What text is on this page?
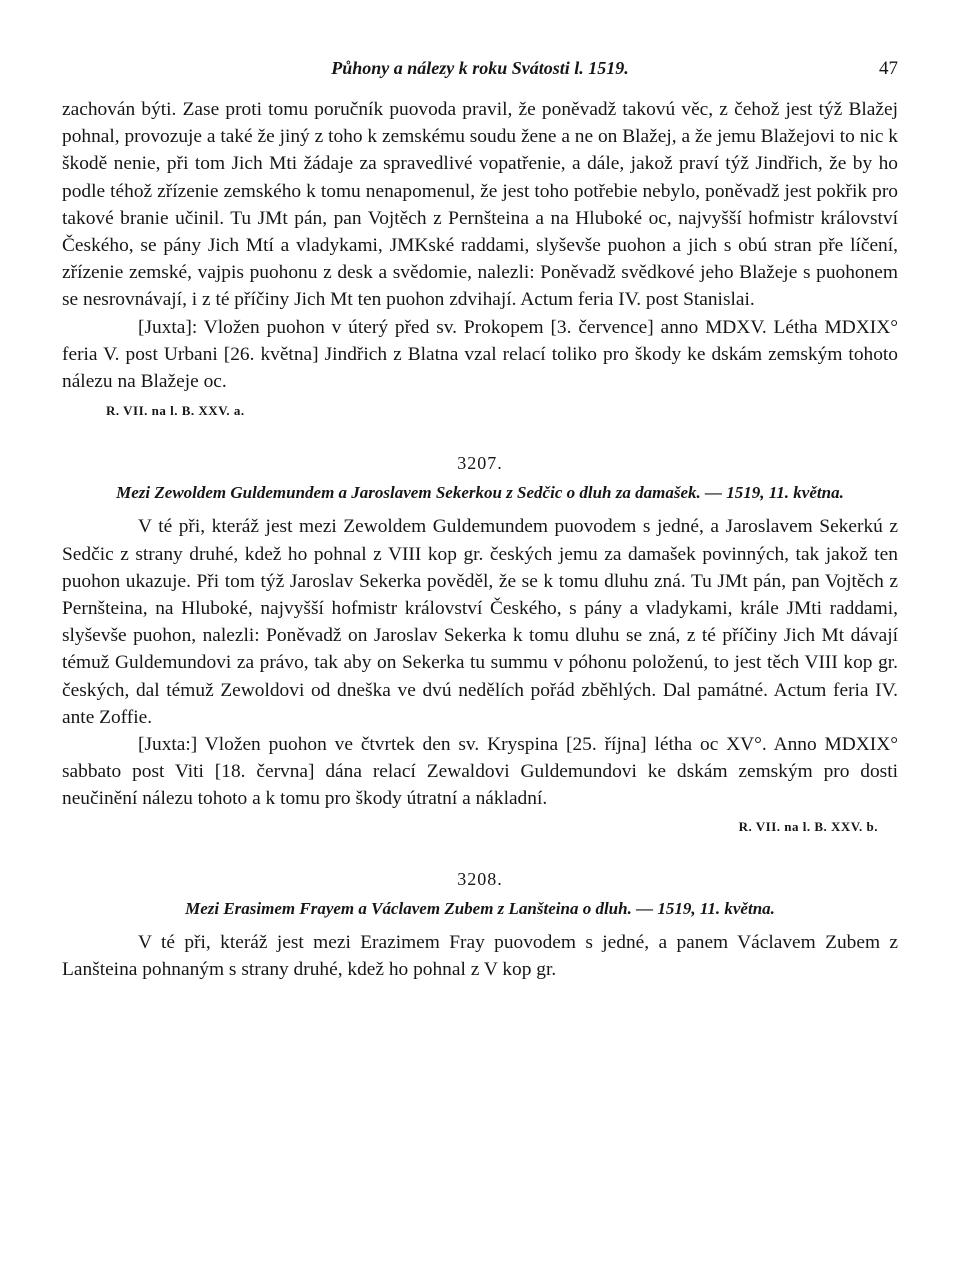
Půhony a nálezy k roku Svátosti l. 1519.	47

zachován býti. Zase proti tomu poručník puovoda pravil, že poněvadž takovú věc, z čehož jest týž Blažej pohnal, provozuje a také že jiný z toho k zemskému soudu žene a ne on Blažej, a že jemu Blažejovi to nic k škodě nenie, při tom Jich Mti žádaje za spravedlivé vopatřenie, a dále, jakož praví týž Jindřich, že by ho podle téhož zřízenie zemského k tomu nenapomenul, že jest toho potřebie nebylo, poněvadž jest pokřik pro takové branie učinil. Tu JMt pán, pan Vojtěch z Pernšteina a na Hluboké oc, najvyšší hofmistr království Českého, se pány Jich Mtí a vladykami, JMKské raddami, slyševše puohon a jich s obú stran pře líčení, zřízenie zemské, vajpis puohonu z desk a svědomie, nalezli: Poněvadž svědkové jeho Blažeje s puohonem se nesrovnávají, i z té příčiny Jich Mt ten puohon zdvihají. Actum feria IV. post Stanislai.

[Juxta]: Vložen puohon v úterý před sv. Prokopem [3. července] anno MDXV. Létha MDXIX° feria V. post Urbani [26. května] Jindřich z Blatna vzal relací toliko pro škody ke dskám zemským tohoto nálezu na Blažeje oc.

R. VII. na l. B. XXV. a.
3207.
Mezi Zewoldem Guldemundem a Jaroslavem Sekerkou z Sedčic o dluh za damašek. — 1519, 11. května.

V té při, kteráž jest mezi Zewoldem Guldemundem puovodem s jedné, a Jaroslavem Sekerkú z Sedčic z strany druhé, kdež ho pohnal z VIII kop gr. českých jemu za damašek povinných, tak jakož ten puohon ukazuje. Při tom týž Jaroslav Sekerka pověděl, že se k tomu dluhu zná. Tu JMt pán, pan Vojtěch z Pernšteina, na Hluboké, najvyšší hofmistr království Českého, s pány a vladykami, krále JMti raddami, slyševše puohon, nalezli: Poněvadž on Jaroslav Sekerka k tomu dluhu se zná, z té příčiny Jich Mt dávají témuž Guldemundovi za právo, tak aby on Sekerka tu summu v póhonu položenú, to jest těch VIII kop gr. českých, dal témuž Zewoldovi od dneška ve dvú nedělích pořád zběhlých. Dal památné. Actum feria IV. ante Zoffie.

[Juxta:] Vložen puohon ve čtvrtek den sv. Kryspina [25. října] létha oc XV°. Anno MDXIX° sabbato post Viti [18. června] dána relací Zewaldovi Guldemundovi ke dskám zemským pro dosti neučinění nálezu tohoto a k tomu pro škody útratní a nákladní.

R. VII. na l. B. XXV. b.
3208.
Mezi Erasimem Frayem a Václavem Zubem z Lanšteina o dluh. — 1519, 11. května.

V té při, kteráž jest mezi Erazimem Fray puovodem s jedné, a panem Václavem Zubem z Lanšteina pohnaným s strany druhé, kdež ho pohnal z V kop gr.
